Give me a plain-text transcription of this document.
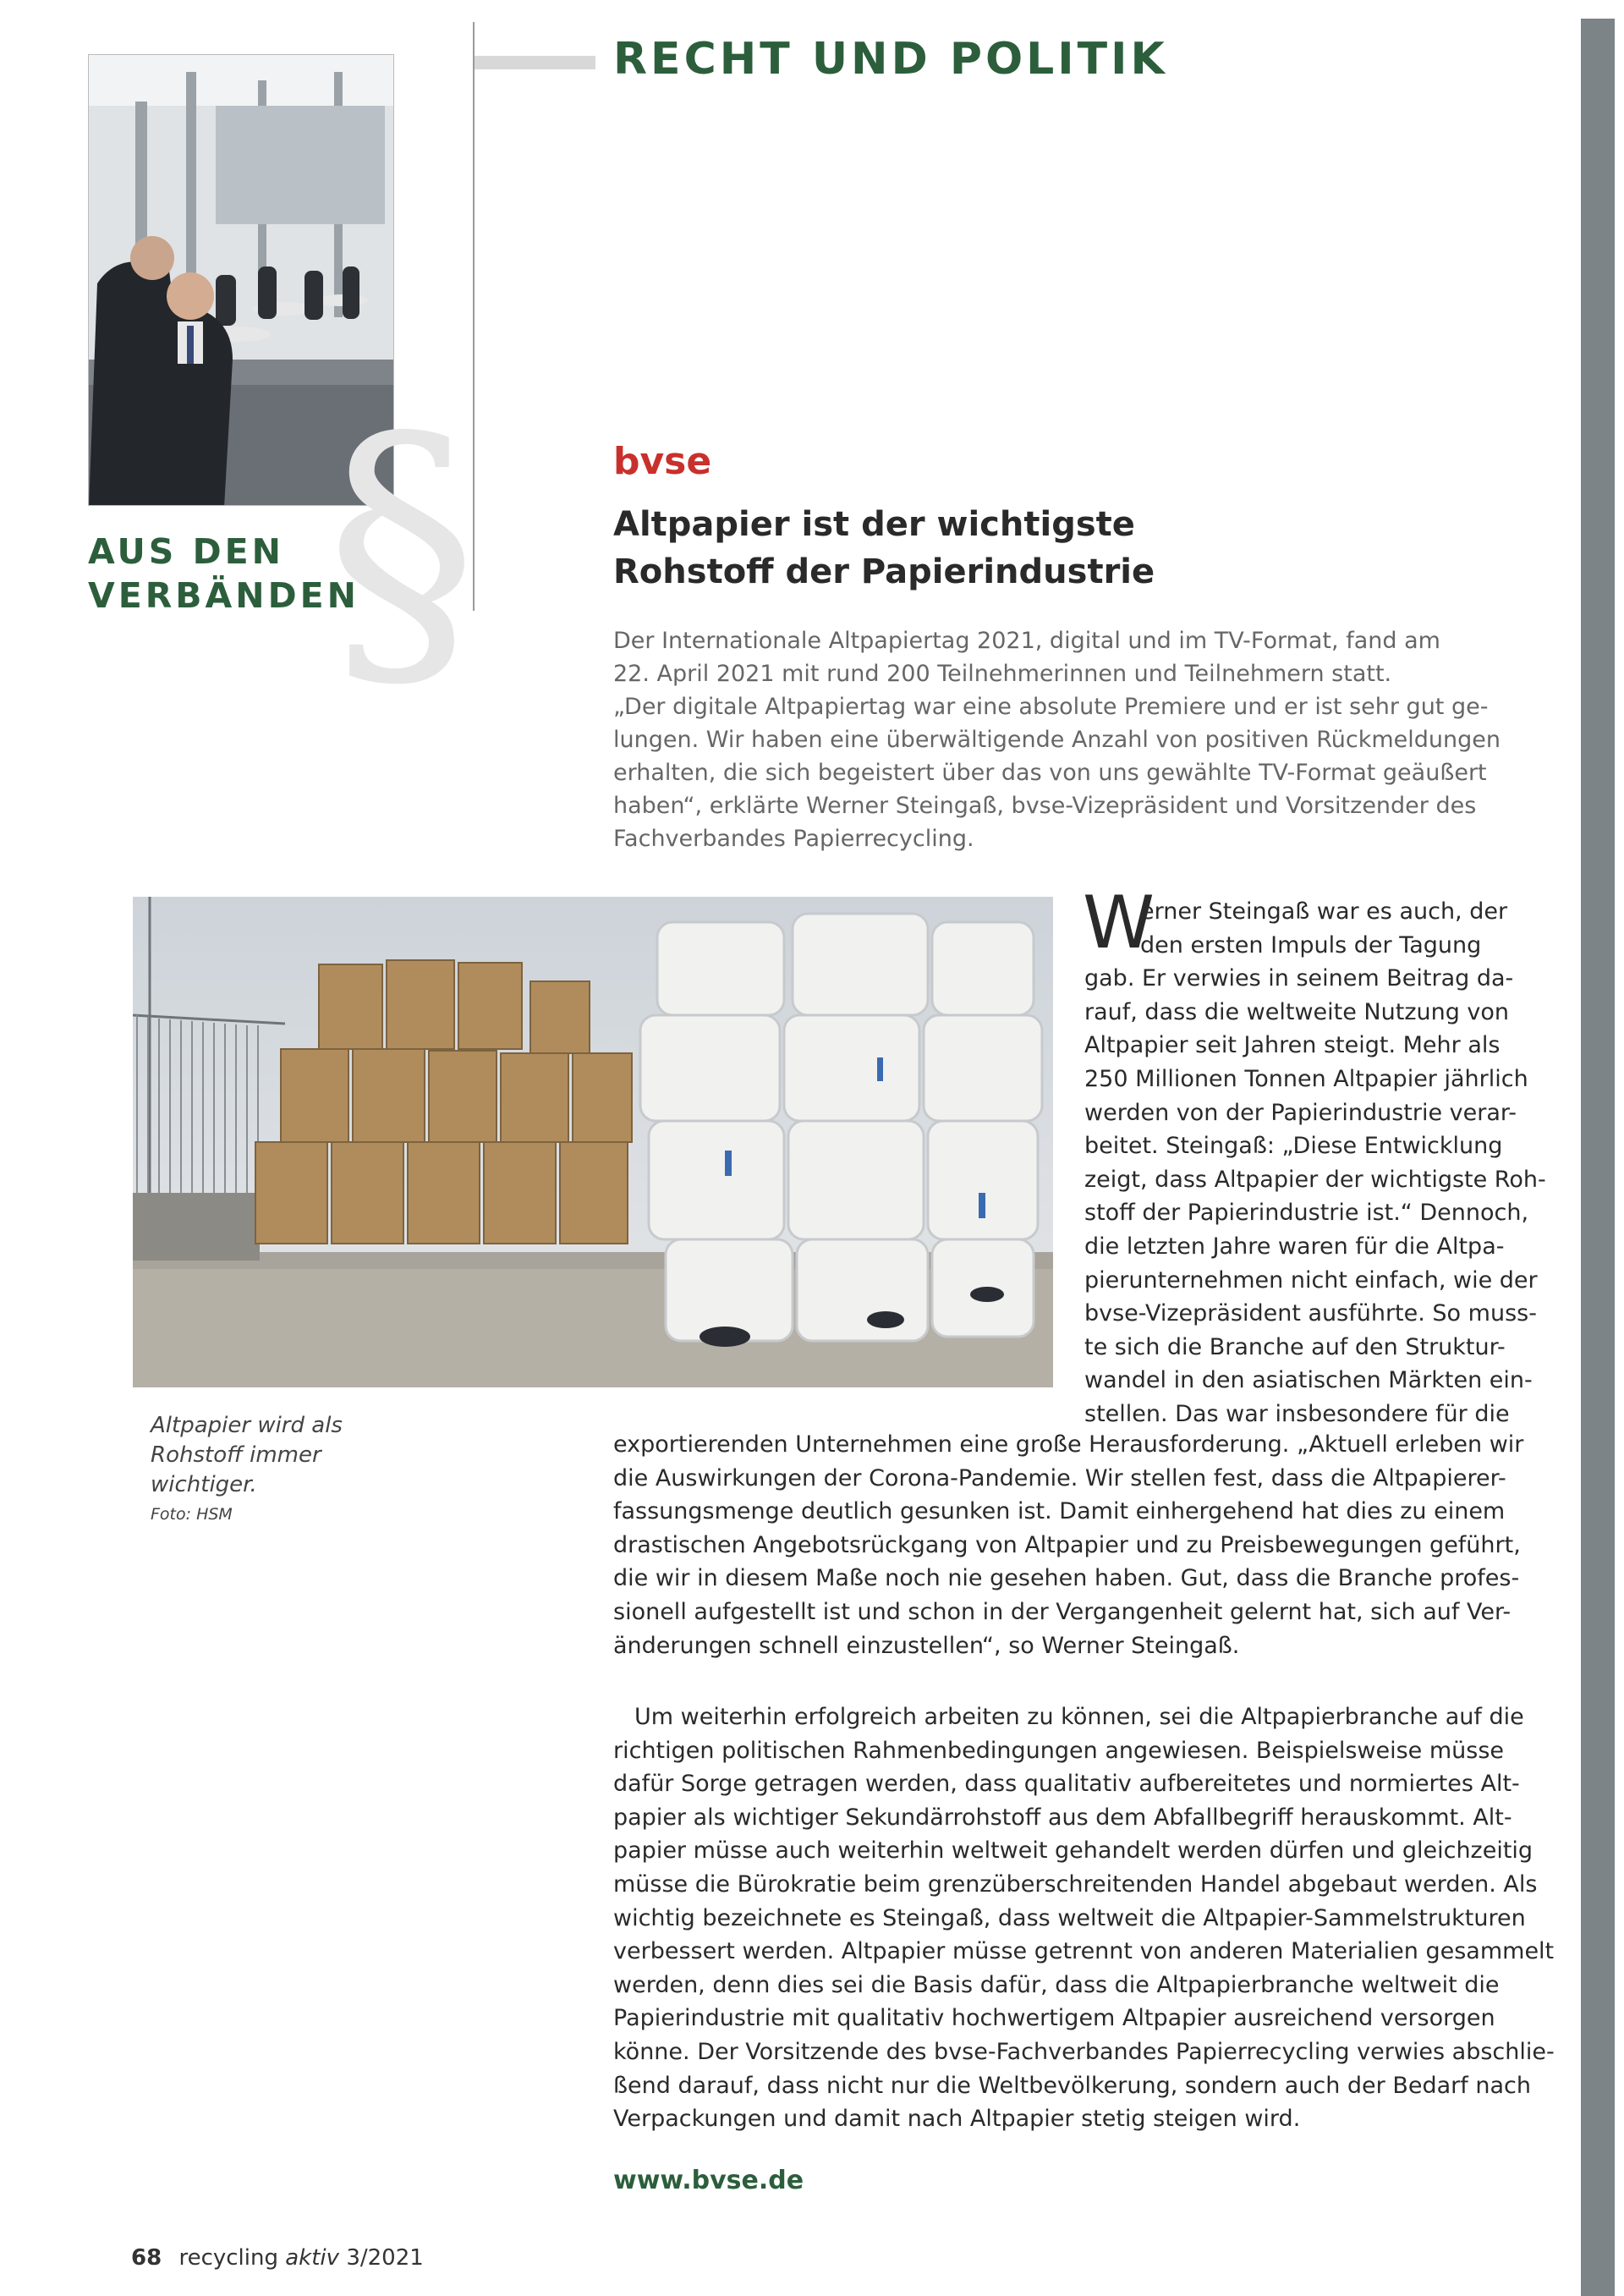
RECHT UND POLITIK
§
AUS DEN
VERBÄNDEN
bvse
Altpapier ist der wichtigste
Rohstoff der Papierindustrie
Der Internationale Altpapiertag 2021, digital und im TV-Format, fand am
22. April 2021 mit rund 200 Teilnehmerinnen und Teilnehmern statt.
„Der digitale Altpapiertag war eine absolute Premiere und er ist sehr gut ge-
lungen. Wir haben eine überwältigende Anzahl von positiven Rückmeldungen
erhalten, die sich begeistert über das von uns gewählte TV-Format geäußert
haben“, erklärte Werner Steingaß, bvse-Vizepräsident und Vorsitzender des
Fachverbandes Papierrecycling.
Altpapier wird als
Rohstoff immer
wichtiger.
Foto: HSM
W
erner Steingaß war es auch, der
den ersten Impuls der Tagung
gab. Er verwies in seinem Beitrag da-
rauf, dass die weltweite Nutzung von
Altpapier seit Jahren steigt. Mehr als
250 Millionen Tonnen Altpapier jährlich
werden von der Papierindustrie verar-
beitet. Steingaß: „Diese Entwicklung
zeigt, dass Altpapier der wichtigste Roh-
stoff der Papierindustrie ist.“ Dennoch,
die letzten Jahre waren für die Altpa-
pierunternehmen nicht einfach, wie der
bvse-Vizepräsident ausführte. So muss-
te sich die Branche auf den Struktur-
wandel in den asiatischen Märkten ein-
stellen. Das war insbesondere für die
exportierenden Unternehmen eine große Herausforderung. „Aktuell erleben wir
die Auswirkungen der Corona-Pandemie. Wir stellen fest, dass die Altpapierer-
fassungsmenge deutlich gesunken ist. Damit einhergehend hat dies zu einem
drastischen Angebotsrückgang von Altpapier und zu Preisbewegungen geführt,
die wir in diesem Maße noch nie gesehen haben. Gut, dass die Branche profes-
sionell aufgestellt ist und schon in der Vergangenheit gelernt hat, sich auf Ver-
änderungen schnell einzustellen“, so Werner Steingaß.
Um weiterhin erfolgreich arbeiten zu können, sei die Altpapierbranche auf die
richtigen politischen Rahmenbedingungen angewiesen. Beispielsweise müsse
dafür Sorge getragen werden, dass qualitativ aufbereitetes und normiertes Alt-
papier als wichtiger Sekundärrohstoff aus dem Abfallbegriff herauskommt. Alt-
papier müsse auch weiterhin weltweit gehandelt werden dürfen und gleichzeitig
müsse die Bürokratie beim grenzüberschreitenden Handel abgebaut werden. Als
wichtig bezeichnete es Steingaß, dass weltweit die Altpapier-Sammelstrukturen
verbessert werden. Altpapier müsse getrennt von anderen Materialien gesammelt
werden, denn dies sei die Basis dafür, dass die Altpapierbranche weltweit die
Papierindustrie mit qualitativ hochwertigem Altpapier ausreichend versorgen
könne. Der Vorsitzende des bvse-Fachverbandes Papierrecycling verwies abschlie-
ßend darauf, dass nicht nur die Weltbevölkerung, sondern auch der Bedarf nach
Verpackungen und damit nach Altpapier stetig steigen wird.
www.bvse.de
68 recycling aktiv 3/2021
